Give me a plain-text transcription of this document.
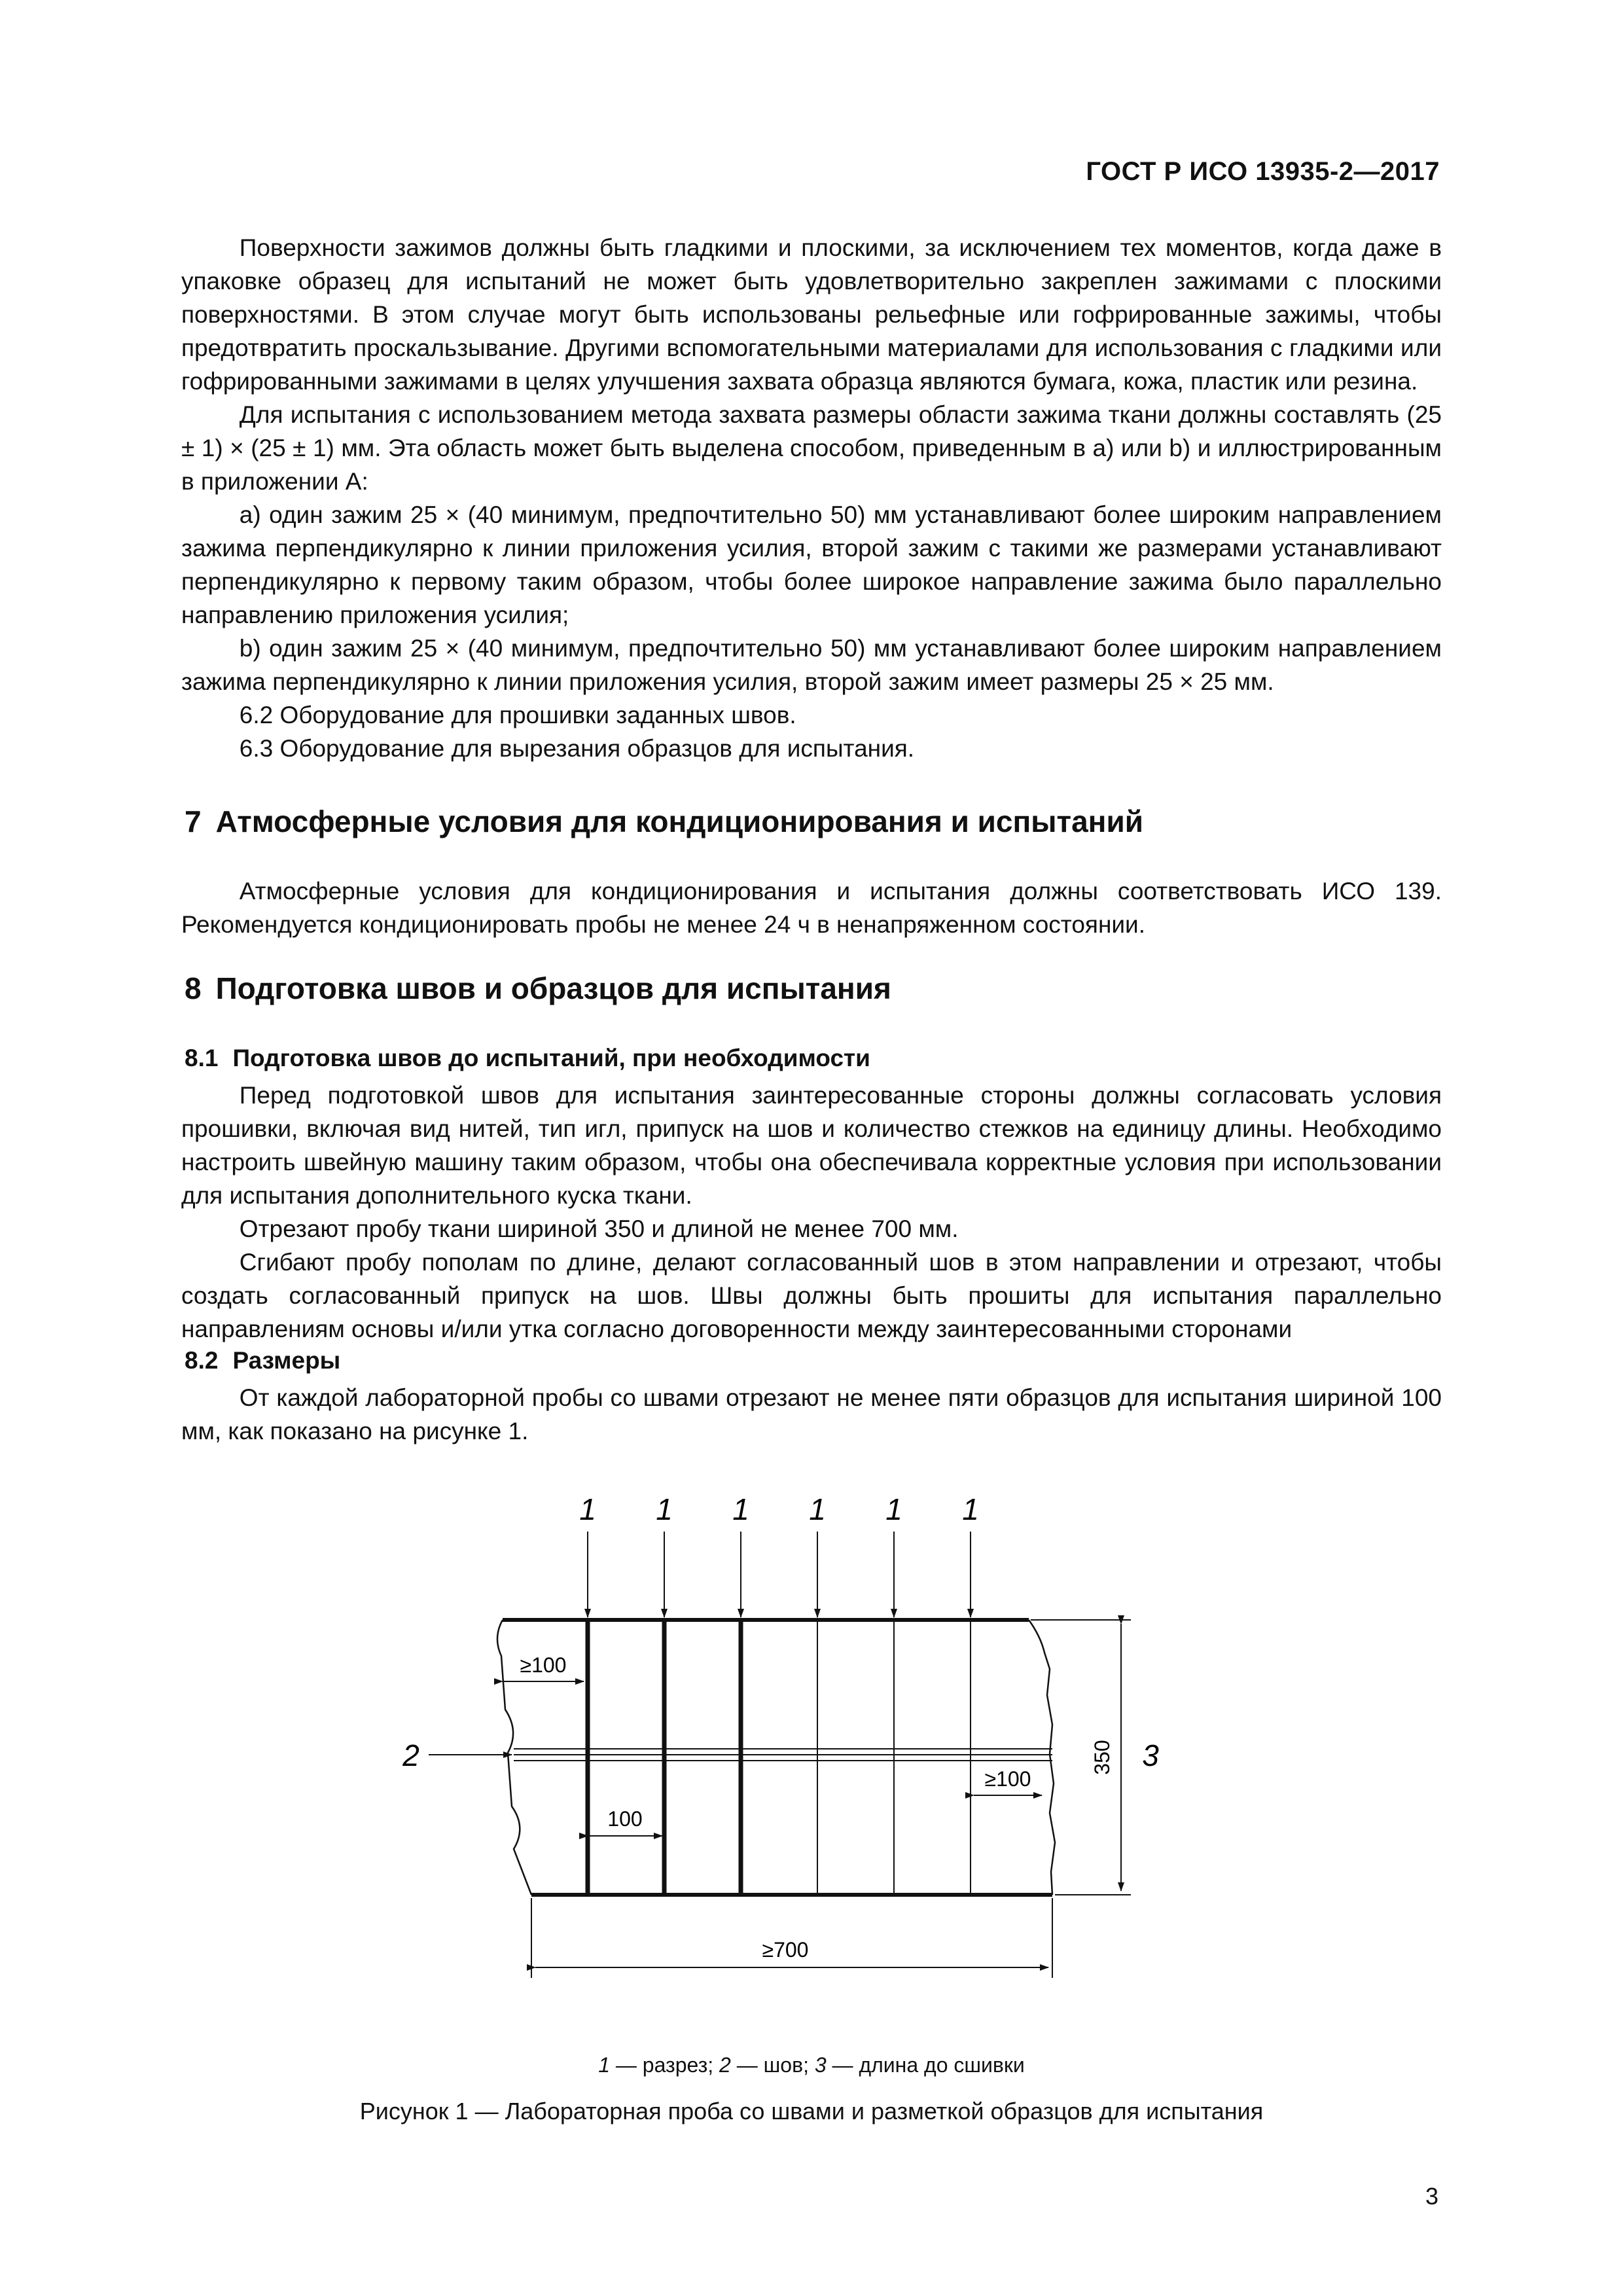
ГОСТ Р ИСО 13935-2—2017

Поверхности зажимов должны быть гладкими и плоскими, за исключением тех моментов, когда даже в упаковке образец для испытаний не может быть удовлетворительно закреплен зажимами с плоскими поверхностями. В этом случае могут быть использованы рельефные или гофрированные зажимы, чтобы предотвратить проскальзывание. Другими вспомогательными материалами для использования с гладкими или гофрированными зажимами в целях улучшения захвата образца являются бумага, кожа, пластик или резина.

Для испытания с использованием метода захвата размеры области зажима ткани должны составлять (25 ± 1) × (25 ± 1) мм. Эта область может быть выделена способом, приведенным в a) или b) и иллюстрированным в приложении А:

a) один зажим 25 × (40 минимум, предпочтительно 50) мм устанавливают более широким направлением зажима перпендикулярно к линии приложения усилия, второй зажим с такими же размерами устанавливают перпендикулярно к первому таким образом, чтобы более широкое направление зажима было параллельно направлению приложения усилия;

b) один зажим 25 × (40 минимум, предпочтительно 50) мм устанавливают более широким направлением зажима перпендикулярно к линии приложения усилия, второй зажим имеет размеры 25 × 25 мм.

6.2 Оборудование для прошивки заданных швов.

6.3 Оборудование для вырезания образцов для испытания.

7 Атмосферные условия для кондиционирования и испытаний

Атмосферные условия для кондиционирования и испытания должны соответствовать ИСО 139. Рекомендуется кондиционировать пробы не менее 24 ч в ненапряженном состоянии.

8 Подготовка швов и образцов для испытания
8.1 Подготовка швов до испытаний, при необходимости

Перед подготовкой швов для испытания заинтересованные стороны должны согласовать условия прошивки, включая вид нитей, тип игл, припуск на шов и количество стежков на единицу длины. Необходимо настроить швейную машину таким образом, чтобы она обеспечивала корректные условия при использовании для испытания дополнительного куска ткани.

Отрезают пробу ткани шириной 350 и длиной не менее 700 мм.

Сгибают пробу пополам по длине, делают согласованный шов в этом направлении и отрезают, чтобы создать согласованный припуск на шов. Швы должны быть прошиты для испытания параллельно направлениям основы и/или утка согласно договоренности между заинтересованными сторонами

8.2 Размеры

От каждой лабораторной пробы со швами отрезают не менее пяти образцов для испытания шириной 100 мм, как показано на рисунке 1.

1 1 1 1 1 1
2
≥100
100
≥100
350 3
≥700
1 — разрез; 2 — шов; 3 — длина до сшивки
Рисунок 1 — Лабораторная проба со швами и разметкой образцов для испытания
3
